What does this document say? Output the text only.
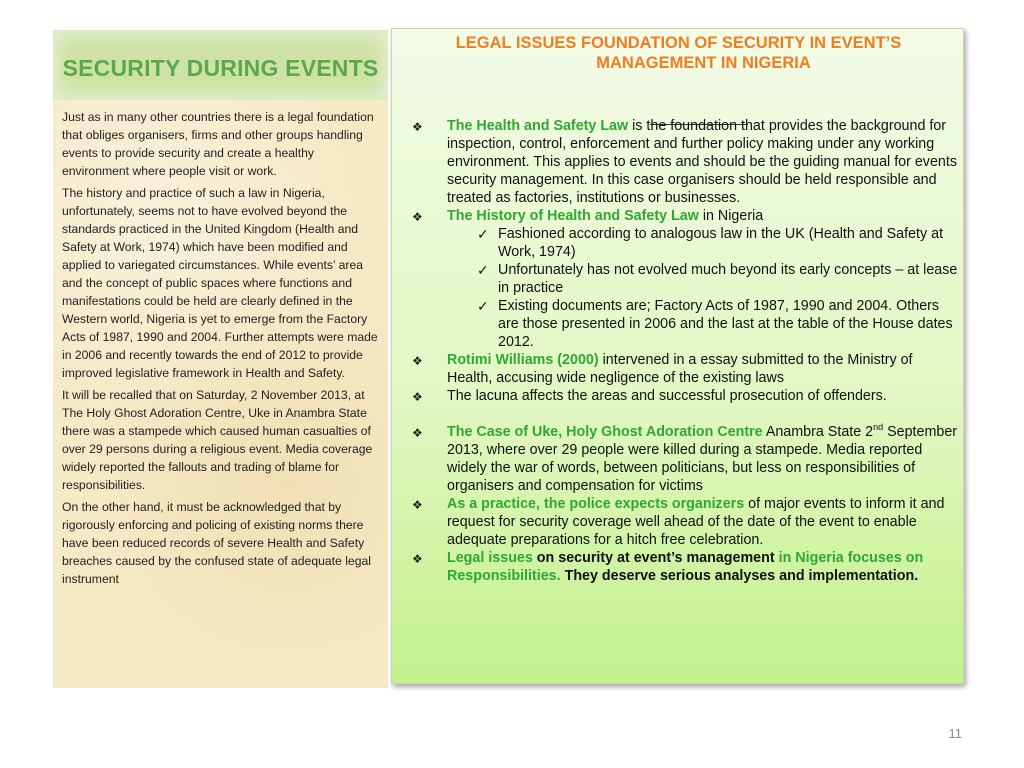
SECURITY DURING EVENTS

Just as in many other countries there is a legal foundation that obliges organisers, firms and other groups handling events to provide security and create a healthy environment where people visit or work.

The history and practice of such a law in Nigeria, unfortunately, seems not to have evolved beyond the standards practiced in the United Kingdom (Health and Safety at Work, 1974) which have been modified and applied to variegated circumstances. While events’ area and the concept of public spaces where functions and manifestations could be held are clearly defined in the Western world, Nigeria is yet to emerge from the Factory Acts of 1987, 1990 and 2004. Further attempts were made in 2006 and recently towards the end of 2012 to provide improved legislative framework in Health and Safety.

It will be recalled that on Saturday, 2 November 2013, at The Holy Ghost Adoration Centre, Uke in Anambra State there was a stampede which caused human casualties of over 29 persons during a religious event. Media coverage widely reported the fallouts and trading of blame for responsibilities.

On the other hand, it must be acknowledged that by rigorously enforcing and policing of existing norms there have been reduced records of severe Health and Safety breaches caused by the confused state of adequate legal instrument

LEGAL ISSUES FOUNDATION OF SECURITY IN EVENT’S
MANAGEMENT IN NIGERIA

❖ The Health and Safety Law is the foundation that provides the background for inspection, control, enforcement and further policy making under any working environment. This applies to events and should be the guiding manual for events security management. In this case organisers should be held responsible and treated as factories, institutions or businesses.

❖ The History of Health and Safety Law in Nigeria

✓ Fashioned according to analogous law in the UK (Health and Safety at Work, 1974)

✓ Unfortunately has not evolved much beyond its early concepts – at lease in practice

✓ Existing documents are; Factory Acts of 1987, 1990 and 2004. Others are those presented in 2006 and the last at the table of the House dates 2012.

❖ Rotimi Williams (2000) intervened in a essay submitted to the Ministry of Health, accusing wide negligence of the existing laws

❖ The lacuna affects the areas and successful prosecution of offenders.

❖ The Case of Uke, Holy Ghost Adoration Centre Anambra State 2nd September 2013, where over 29 people were killed during a stampede. Media reported widely the war of words, between politicians, but less on responsibilities of organisers and compensation for victims

❖ As a practice, the police expects organizers of major events to inform it and request for security coverage well ahead of the date of the event to enable adequate preparations for a hitch free celebration.

❖ Legal issues on security at event’s management in Nigeria focuses on Responsibilities. They deserve serious analyses and implementation.

11
